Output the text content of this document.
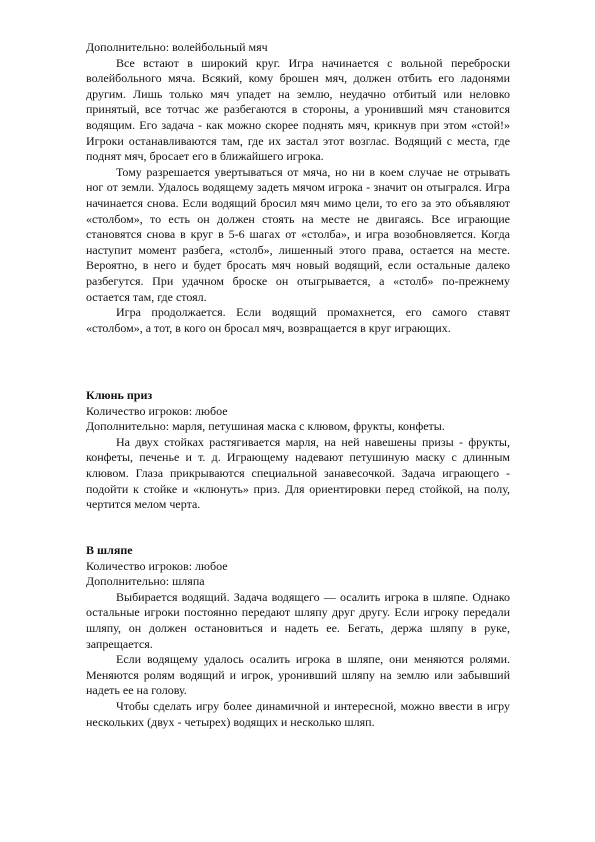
Дополнительно: волейбольный мяч

Все встают в широкий круг. Игра начинается с вольной переброски волейбольного мяча. Всякий, кому брошен мяч, должен отбить его ладонями другим. Лишь только мяч упадет на землю, неудачно отбитый или неловко принятый, все тотчас же разбегаются в стороны, а уронивший мяч становится водящим. Его задача - как можно скорее поднять мяч, крикнув при этом «стой!» Игроки останавливаются там, где их застал этот возглас. Водящий с места, где поднят мяч, бросает его в ближайшего игрока.

Тому разрешается увертываться от мяча, но ни в коем случае не отрывать ног от земли. Удалось водящему задеть мячом игрока - значит он отыгрался. Игра начинается снова. Если водящий бросил мяч мимо цели, то его за это объявляют «столбом», то есть он должен стоять на месте не двигаясь. Все играющие становятся снова в круг в 5-6 шагах от «столба», и игра возобновляется. Когда наступит момент разбега, «столб», лишенный этого права, остается на месте. Вероятно, в него и будет бросать мяч новый водящий, если остальные далеко разбегутся. При удачном броске он отыгрывается, а «столб» по-прежнему остается там, где стоял.

Игра продолжается. Если водящий промахнется, его самого ставят «столбом», а тот, в кого он бросал мяч, возвращается в круг играющих.

Клюнь приз

Количество игроков: любое

Дополнительно: марля, петушиная маска с клювом, фрукты, конфеты.

На двух стойках растягивается марля, на ней навешены призы - фрукты, конфеты, печенье и т. д. Играющему надевают петушиную маску с длинным клювом. Глаза прикрываются специальной занавесочкой. Задача играющего - подойти к стойке и «клюнуть» приз. Для ориентировки перед стойкой, на полу, чертится мелом черта.

В шляпе

Количество игроков: любое

Дополнительно: шляпа

Выбирается водящий. Задача водящего — осалить игрока в шляпе. Однако остальные игроки постоянно передают шляпу друг другу. Если игроку передали шляпу, он должен остановиться и надеть ее. Бегать, держа шляпу в руке, запрещается.

Если водящему удалось осалить игрока в шляпе, они меняются ролями. Меняются ролям водящий и игрок, уронивший шляпу на землю или забывший надеть ее на голову.

Чтобы сделать игру более динамичной и интересной, можно ввести в игру нескольких (двух - четырех) водящих и несколько шляп.
